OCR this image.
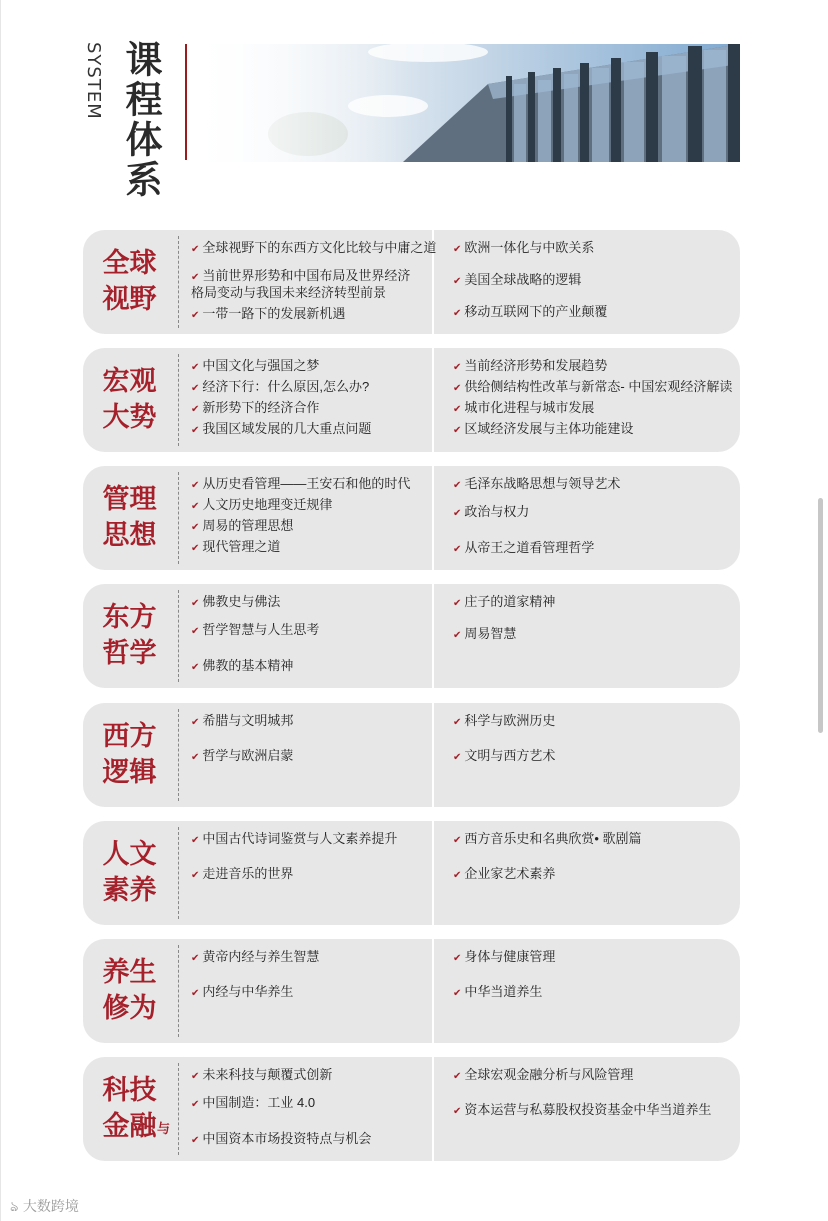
SYSTEM 课程体系
全球
视野
✔ 全球视野下的东西方文化比较与中庸之道
✔ 当前世界形势和中国布局及世界经济
格局变动与我国未来经济转型前景
✔ 一带一路下的发展新机遇
✔ 欧洲一体化与中欧关系
✔ 美国全球战略的逻辑
✔ 移动互联网下的产业颠覆
宏观
大势
✔ 中国文化与强国之梦
✔ 经济下行：什么原因,怎么办?
✔ 新形势下的经济合作
✔ 我国区域发展的几大重点问题
✔ 当前经济形势和发展趋势
✔ 供给侧结构性改革与新常态- 中国宏观经济解读
✔ 城市化进程与城市发展
✔ 区域经济发展与主体功能建设
管理
思想
✔ 从历史看管理——王安石和他的时代
✔ 人文历史地理变迁规律
✔ 周易的管理思想
✔ 现代管理之道
✔ 毛泽东战略思想与领导艺术
✔ 政治与权力
✔ 从帝王之道看管理哲学
东方
哲学
✔ 佛教史与佛法
✔ 哲学智慧与人生思考
✔ 佛教的基本精神
✔ 庄子的道家精神
✔ 周易智慧
西方
逻辑
✔ 希腊与文明城邦
✔ 哲学与欧洲启蒙
✔ 科学与欧洲历史
✔ 文明与西方艺术
人文
素养
✔ 中国古代诗词鉴赏与人文素养提升
✔ 走进音乐的世界
✔ 西方音乐史和名典欣赏• 歌剧篇
✔ 企业家艺术素养
养生
修为
✔ 黄帝内经与养生智慧
✔ 内经与中华养生
✔ 身体与健康管理
✔ 中华当道养生
科技
金融 与
✔ 未来科技与颠覆式创新
✔ 中国制造：工业 4.0
✔ 中国资本市场投资特点与机会
✔ 全球宏观金融分析与风险管理
✔ 资本运营与私募股权投资基金中华当道养生
ঌ 大数跨境
